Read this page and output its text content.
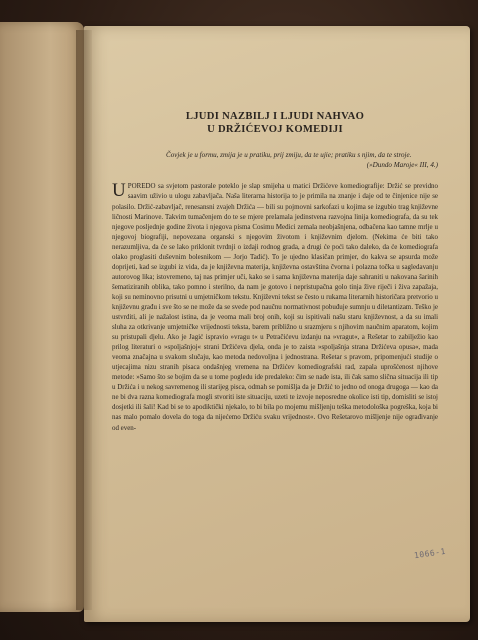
LJUDI NAZBILJ I LJUDI NAHVAO
U DRŽIĆEVOJ KOMEDIJI

Čovjek je u formu, zmija je u pratiku, prij zmiju, da te ujie; pratiku s njim, da te stroje.

(»Dundo Maroje« III, 4.)

U POREDO sa svjetom pastorale poteklo je slap smijeha u matici Držićeve komediografije: Držić se previdno saavim uživio u ulogu zabavljača. Naša literarna historija to je primila na znanje i daje od te činjenice nije se polasilo. Držić-zabavljač, renesansni zvajeh Držića — bili su pojmovni sarkofazi u kojima se izgubio trag književne ličnosti Marinove. Takvim tumačenjem do te se mjere prelamala jedinstvena razvojna linija komediografa, da su tek njegove posljednje godine života i njegova pisma Cosimu Medici zemala neobjašnjena, odbačena kao tamne mrlje u njegovoj biografiji, nepovezana organski s njegovim životom i književnim djelom. (Nekima će biti tako nerazumljiva, da će se lako priklonit tvrdnji o izdaji rodnog grada, a drugi će poći tako daleko, da će komediografa olako proglasiti duševnim bolesnikom — Jorjo Tadić). To je ujedno klasičan primjer, do kakva se apsurda može doprijeti, kad se izgubi iz vida, da je književna materija, književna ostavština čvorna i polazna točka u sagledavanju autorovog lika; istovremeno, taj nas primjer uči, kako se i sama književna materija daje sahraniti u nakovana šarinih šematiziranih oblika, tako pomno i sterilno, da nam je gotovo i nepristupačna golo tinja žive riječi i živa zapažaja, koji su neminovno prisutni u umjetničkom tekstu. Književni tekst se često u rukama literarnih historičara pretvorio u književnu građu i sve što se ne može da se svede pod naučnu normativnost pobuđuje sumnju u diletantizam. Teško je ustvrditi, ali je nažalost istina, da je veoma mali broj onih, koji su ispitivali našu staru književnost, a da su imali sluha za otkrivanje umjetničke vrijednosti teksta, barem približno u srazmjeru s njihovim naučnim aparatom, kojim su pristupali djelu. Ako je Jagić ispravio »vragu t« u Petračićevu izdanju na »vragut«, a Rešetar to zabilježio kao prilog literaturi o »spoljašnjoj« strani Držićeva djela, onda je to zaista »spoljašnja strana Držićeva opusa«, mada veoma značajna u svakom slučaju, kao metoda nedovoljna i jednostrana. Rešetar s pravom, pripomenjući studije o utjecajima nizu stranih pisaca ondašnjeg vremena na Držićev komediografski rad, zapala uprošćenost njihove metode: »Samo što se bojim da se u tome pogledu ide predaleko: čim se nađe ista, ili čak samo slična situacija ili tip u Držića i u nekog savremenog ili starijeg pisca, odmah se pomišlja da je Držić to jedno od onoga drugoga — kao da ne bi dva razna komediografa mogli stvoriti iste situaciju, uzeti te izvoje neposredne okolice isti tip, domisliti se istoj dosjetki ili šali! Kad bi se to apodiktički njekalo, to bi bila po mojemu mišljenju teška metodološka pogreška, koja bi nas malo pomalo dovela do toga da nijećemo Držiću svaku vrijednost«. Ovo Rešetarovo mišljenje nije ograđivanje od even-

1066-1
